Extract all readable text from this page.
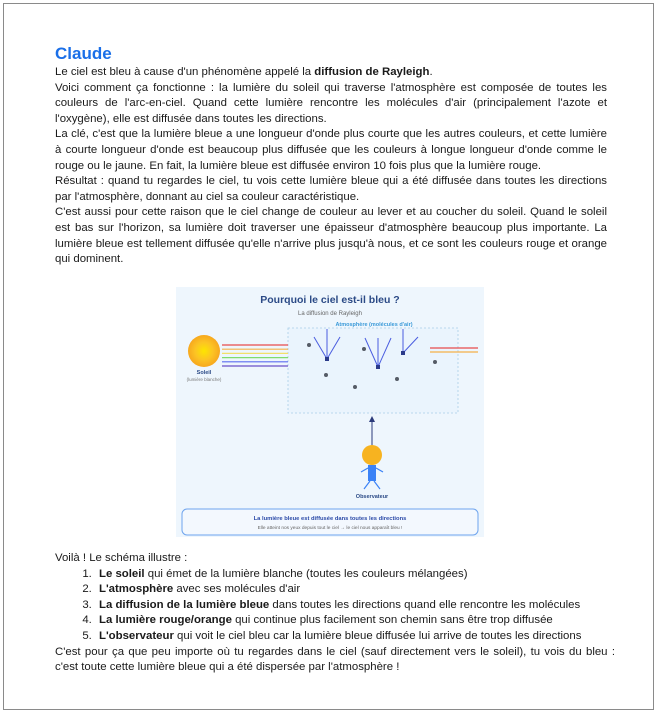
Claude

Le ciel est bleu à cause d'un phénomène appelé la diffusion de Rayleigh.

Voici comment ça fonctionne : la lumière du soleil qui traverse l'atmosphère est composée de toutes les couleurs de l'arc-en-ciel. Quand cette lumière rencontre les molécules d'air (principalement l'azote et l'oxygène), elle est diffusée dans toutes les directions.

La clé, c'est que la lumière bleue a une longueur d'onde plus courte que les autres couleurs, et cette lumière à courte longueur d'onde est beaucoup plus diffusée que les couleurs à longue longueur d'onde comme le rouge ou le jaune. En fait, la lumière bleue est diffusée environ 10 fois plus que la lumière rouge.

Résultat : quand tu regardes le ciel, tu vois cette lumière bleue qui a été diffusée dans toutes les directions par l'atmosphère, donnant au ciel sa couleur caractéristique.

C'est aussi pour cette raison que le ciel change de couleur au lever et au coucher du soleil. Quand le soleil est bas sur l'horizon, sa lumière doit traverser une épaisseur d'atmosphère beaucoup plus importante. La lumière bleue est tellement diffusée qu'elle n'arrive plus jusqu'à nous, et ce sont les couleurs rouge et orange qui dominent.

Pourquoi le ciel est-il bleu ?
La diffusion de Rayleigh
Atmosphère (molécules d'air)
Soleil
(lumière blanche)
Observateur
La lumière bleue est diffusée dans toutes les directions
Elle atteint nos yeux depuis tout le ciel → le ciel nous apparaît bleu !

Voilà ! Le schéma illustre :

1. Le soleil qui émet de la lumière blanche (toutes les couleurs mélangées)
2. L'atmosphère avec ses molécules d'air
3. La diffusion de la lumière bleue dans toutes les directions quand elle rencontre les molécules
4. La lumière rouge/orange qui continue plus facilement son chemin sans être trop diffusée
5. L'observateur qui voit le ciel bleu car la lumière bleue diffusée lui arrive de toutes les directions

C'est pour ça que peu importe où tu regardes dans le ciel (sauf directement vers le soleil), tu vois du bleu : c'est toute cette lumière bleue qui a été dispersée par l'atmosphère !
